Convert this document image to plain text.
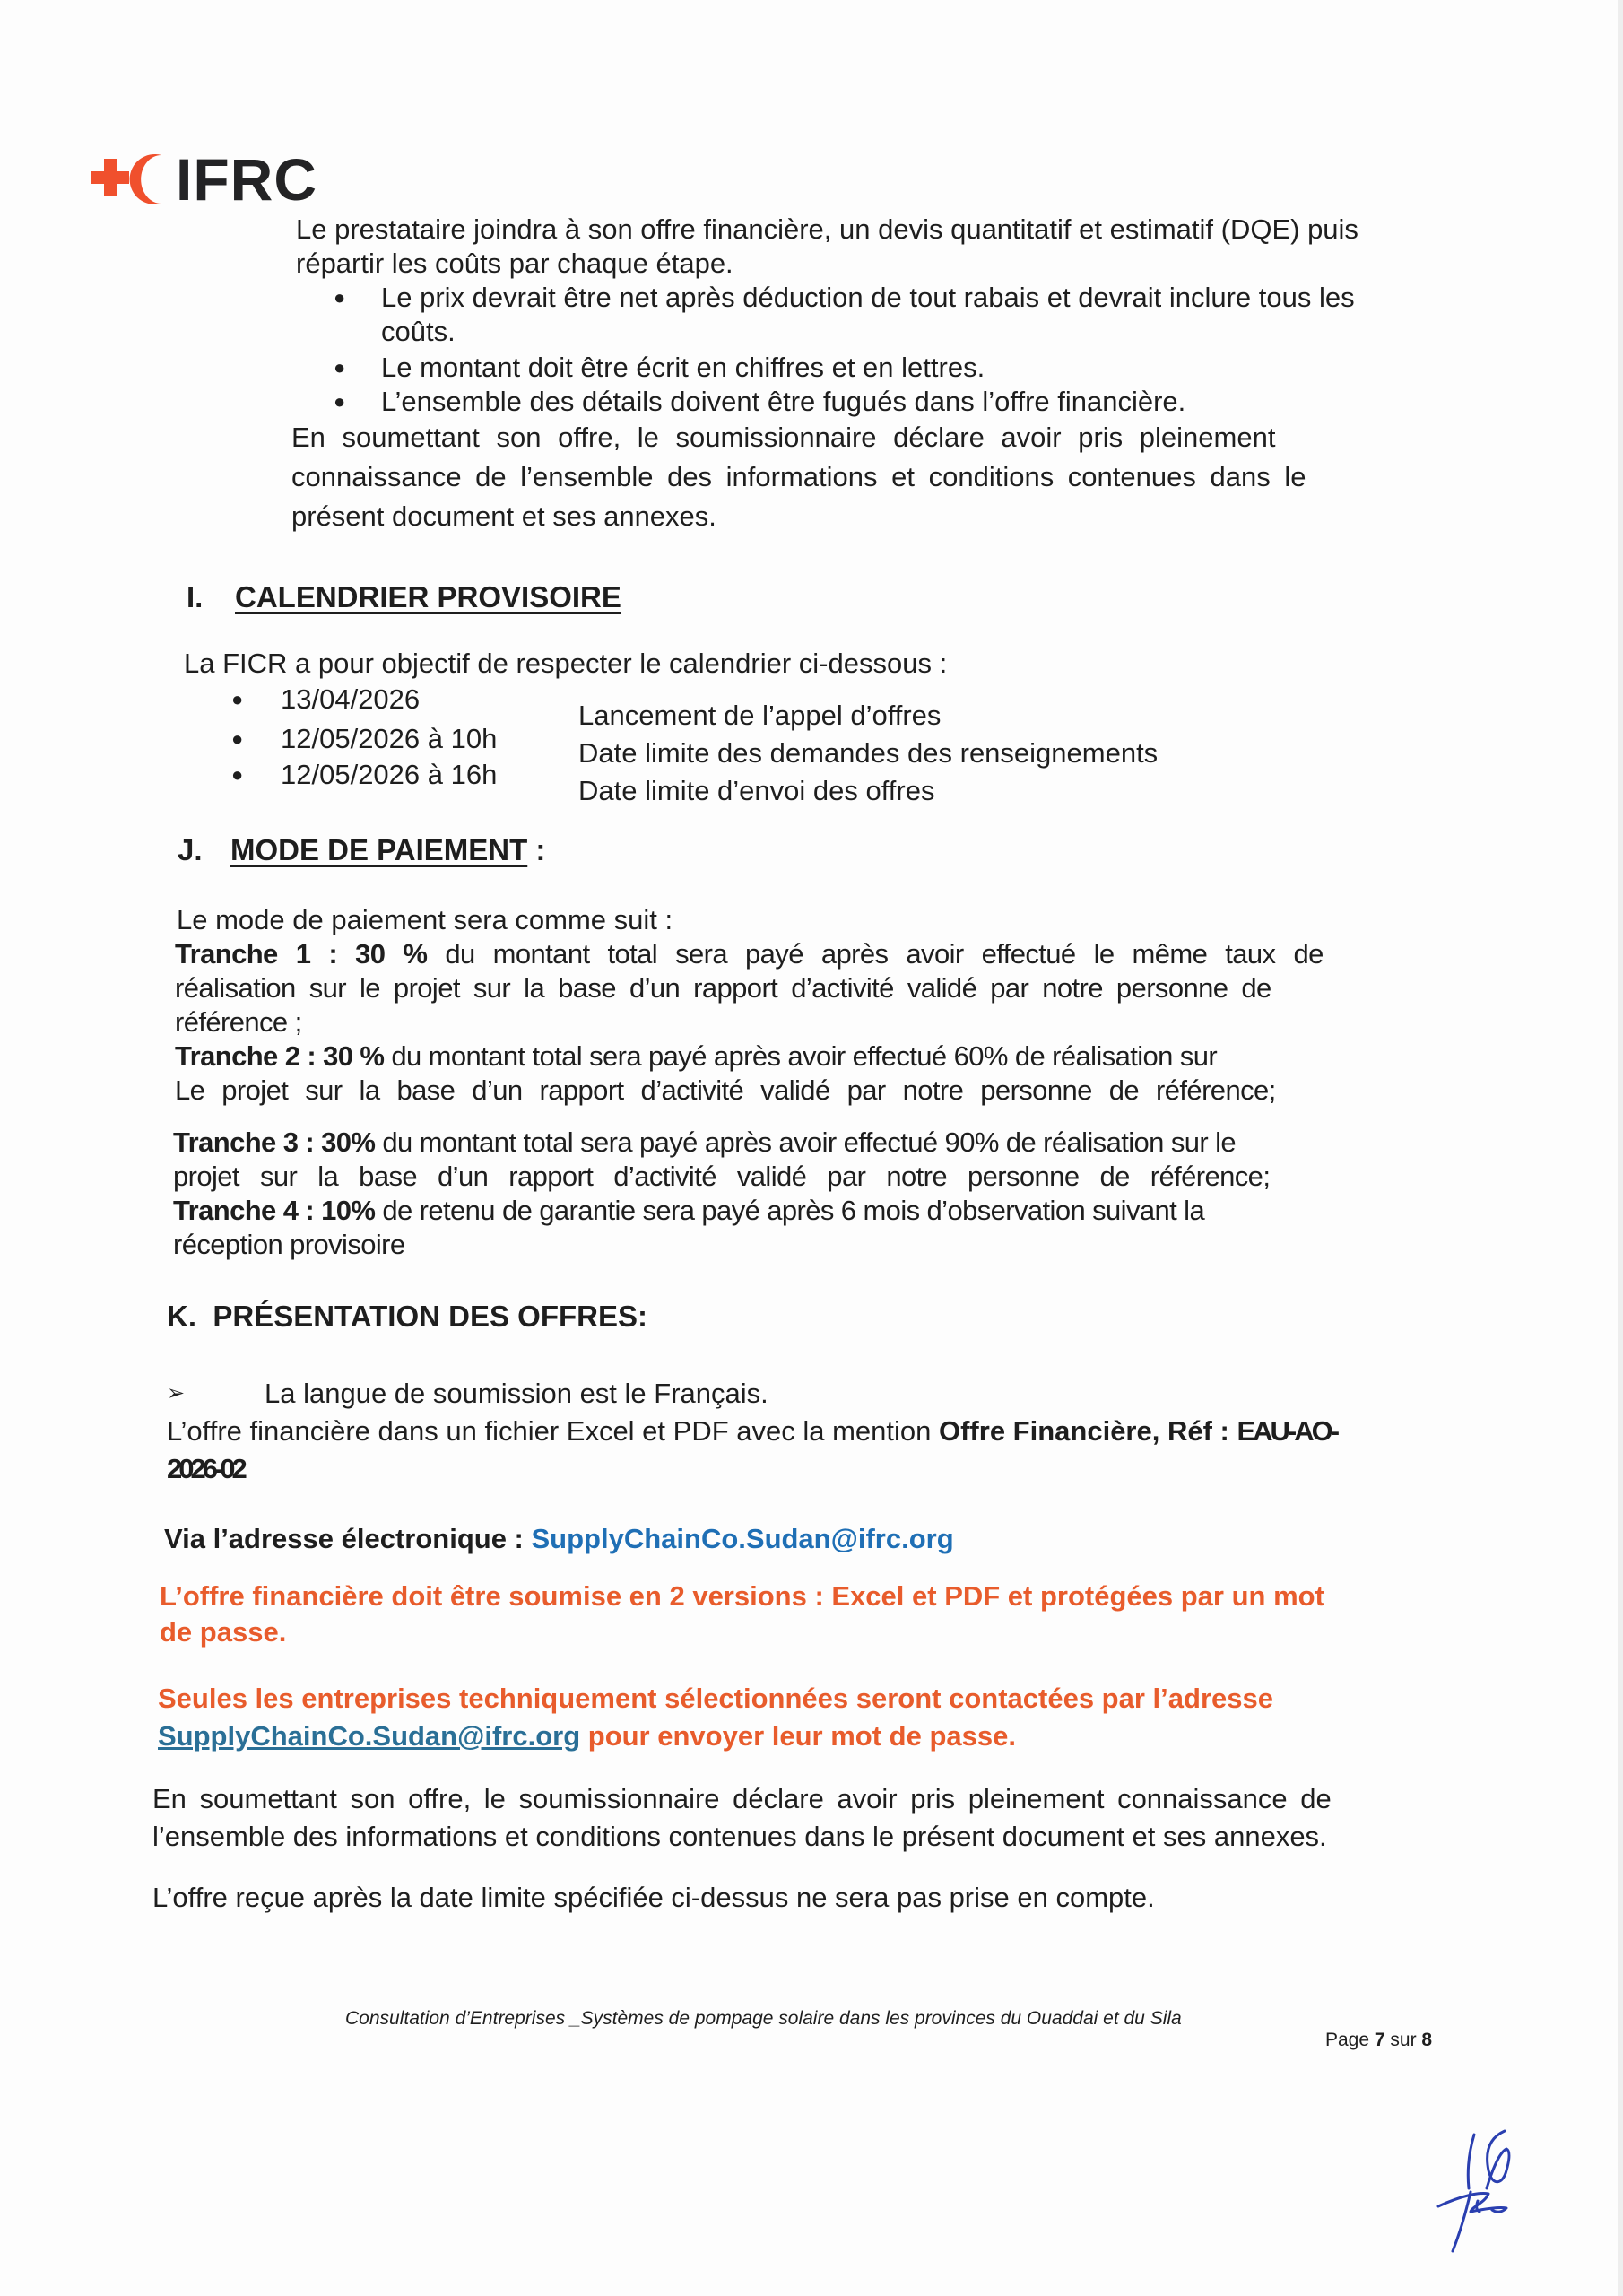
IFRC
Le prestataire joindra à son offre financière, un devis quantitatif et estimatif (DQE) puis
répartir les coûts par chaque étape.
● Le prix devrait être net après déduction de tout rabais et devrait inclure tous les
coûts.
● Le montant doit être écrit en chiffres et en lettres.
● L’ensemble des détails doivent être fugués dans l’offre financière.
En soumettant son offre, le soumissionnaire déclare avoir pris pleinement
connaissance de l’ensemble des informations et conditions contenues dans le
présent document et ses annexes.
I. CALENDRIER PROVISOIRE
La FICR a pour objectif de respecter le calendrier ci-dessous :
● 13/04/2026
Lancement de l’appel d’offres
● 12/05/2026 à 10h	Date limite des demandes des renseignements
● 12/05/2026 à 16h
Date limite d’envoi des offres
J. MODE DE PAIEMENT :
Le mode de paiement sera comme suit :
Tranche 1 : 30 % du montant total sera payé après avoir effectué le même taux de
réalisation sur le projet sur la base d’un rapport d’activité validé par notre personne de
référence ;
Tranche 2 : 30 % du montant total sera payé après avoir effectué 60% de réalisation sur
Le projet sur la base d’un rapport d’activité validé par notre personne de référence;
Tranche 3 : 30% du montant total sera payé après avoir effectué 90% de réalisation sur le
projet sur la base d’un rapport d’activité validé par notre personne de référence;
Tranche 4 : 10% de retenu de garantie sera payé après 6 mois d’observation suivant la
réception provisoire
K. PRÉSENTATION DES OFFRES:
➢	La langue de soumission est le Français.
L’offre financière dans un fichier Excel et PDF avec la mention Offre Financière, Réf : EAU-AO-
2026-02
Via l’adresse électronique : SupplyChainCo.Sudan@ifrc.org
L’offre financière doit être soumise en 2 versions : Excel et PDF et protégées par un mot
de passe.
Seules les entreprises techniquement sélectionnées seront contactées par l’adresse
SupplyChainCo.Sudan@ifrc.org pour envoyer leur mot de passe.
En soumettant son offre, le soumissionnaire déclare avoir pris pleinement connaissance de
l’ensemble des informations et conditions contenues dans le présent document et ses annexes.
L’offre reçue après la date limite spécifiée ci-dessus ne sera pas prise en compte.
Consultation d’Entreprises _Systèmes de pompage solaire dans les provinces du Ouaddai et du Sila
Page 7 sur 8
